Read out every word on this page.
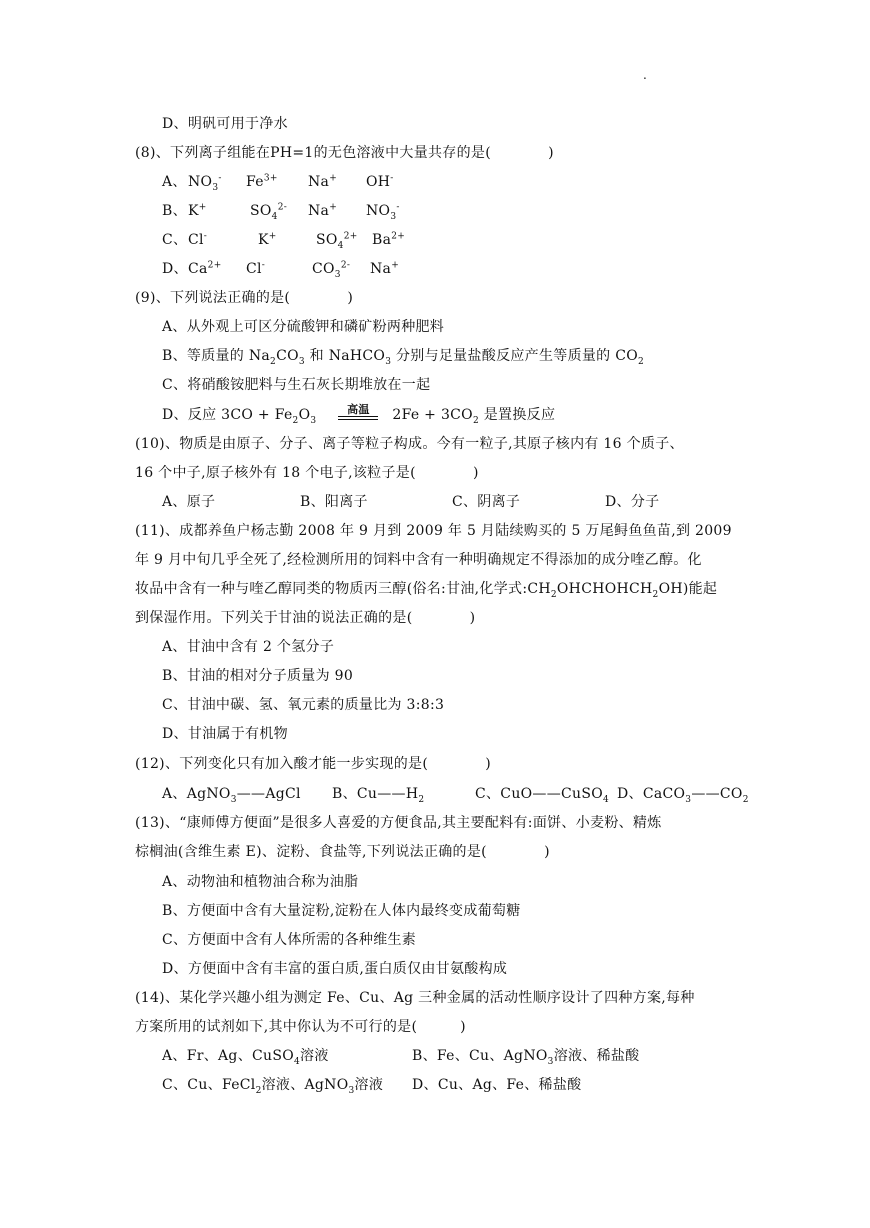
.
D、明矾可用于净水
(8)、下列离子组能在PH=1的无色溶液中大量共存的是(　　　　)
A、 $NO_3^-$ $Fe^{3+}$ Na+ OH-
B、 K+	$SO_4^{2-}$ Na+ $NO_3^-$
C、 Cl-	K+	$SO_4^{2+}$ $Ba^{2+}$
D、 $Ca^{2+}$ Cl-	$CO_3^{2-}$ Na+
(9)、下列说法正确的是(　　　　)
A、从外观上可区分硫酸钾和磷矿粉两种肥料
B、等质量的 $Na_2CO_3$ 和 NaHCO$_3$ 分别与足量盐酸反应产生等质量的 $CO_2$
C、将硝酸铵肥料与生石灰长期堆放在一起
D、反应 $3CO + Fe_2O_3$
高温	$2Fe + 3CO_2$ 是置换反应
(10)、物质是由原子、分子、离子等粒子构成。今有一粒子,其原子核内有 16 个质子、
16 个中子,原子核外有 18 个电子,该粒子是(　　　　)
A、原子	B、阳离子	C、阴离子	D、分子
(11)、成都养鱼户杨志勤 2008 年 9 月到 2009 年 5 月陆续购买的 5 万尾鲟鱼鱼苗,到 2009
年 9 月中旬几乎全死了,经检测所用的饲料中含有一种明确规定不得添加的成分喹乙醇。化
妆品中含有一种与喹乙醇同类的物质丙三醇(俗名:甘油,化学式$:CH_2OHCHOHCH_2OH$)能起
到保湿作用。下列关于甘油的说法正确的是(　　　　)
A、甘油中含有 2 个氢分子
B、甘油的相对分子质量为 90
C、甘油中碳、氢、氧元素的质量比为 3:8:3
D、甘油属于有机物
(12)、下列变化只有加入酸才能一步实现的是(　　　　)
A、AgNO$_3$——AgCl B、$Cu——H_2$	C、CuO——CuSO$_4$ D、$CaCO_3——CO_2$
(13)、“康师傅方便面”是很多人喜爱的方便食品,其主要配料有:面饼、小麦粉、精炼
棕榈油(含维生素 E)、淀粉、食盐等,下列说法正确的是(　　　　)
A、动物油和植物油合称为油脂
B、方便面中含有大量淀粉,淀粉在人体内最终变成葡萄糖
C、方便面中含有人体所需的各种维生素
D、方便面中含有丰富的蛋白质,蛋白质仅由甘氨酸构成
(14)、某化学兴趣小组为测定 Fe、Cu、Ag 三种金属的活动性顺序设计了四种方案,每种
方案所用的试剂如下,其中你认为不可行的是(　　　)
A、Fr、Ag、CuSO$_4$溶液	B、Fe、Cu、AgNO$_3$溶液、稀盐酸
C、Cu、FeCl$_2$溶液、AgNO$_3$溶液 D、Cu、Ag、Fe、稀盐酸
